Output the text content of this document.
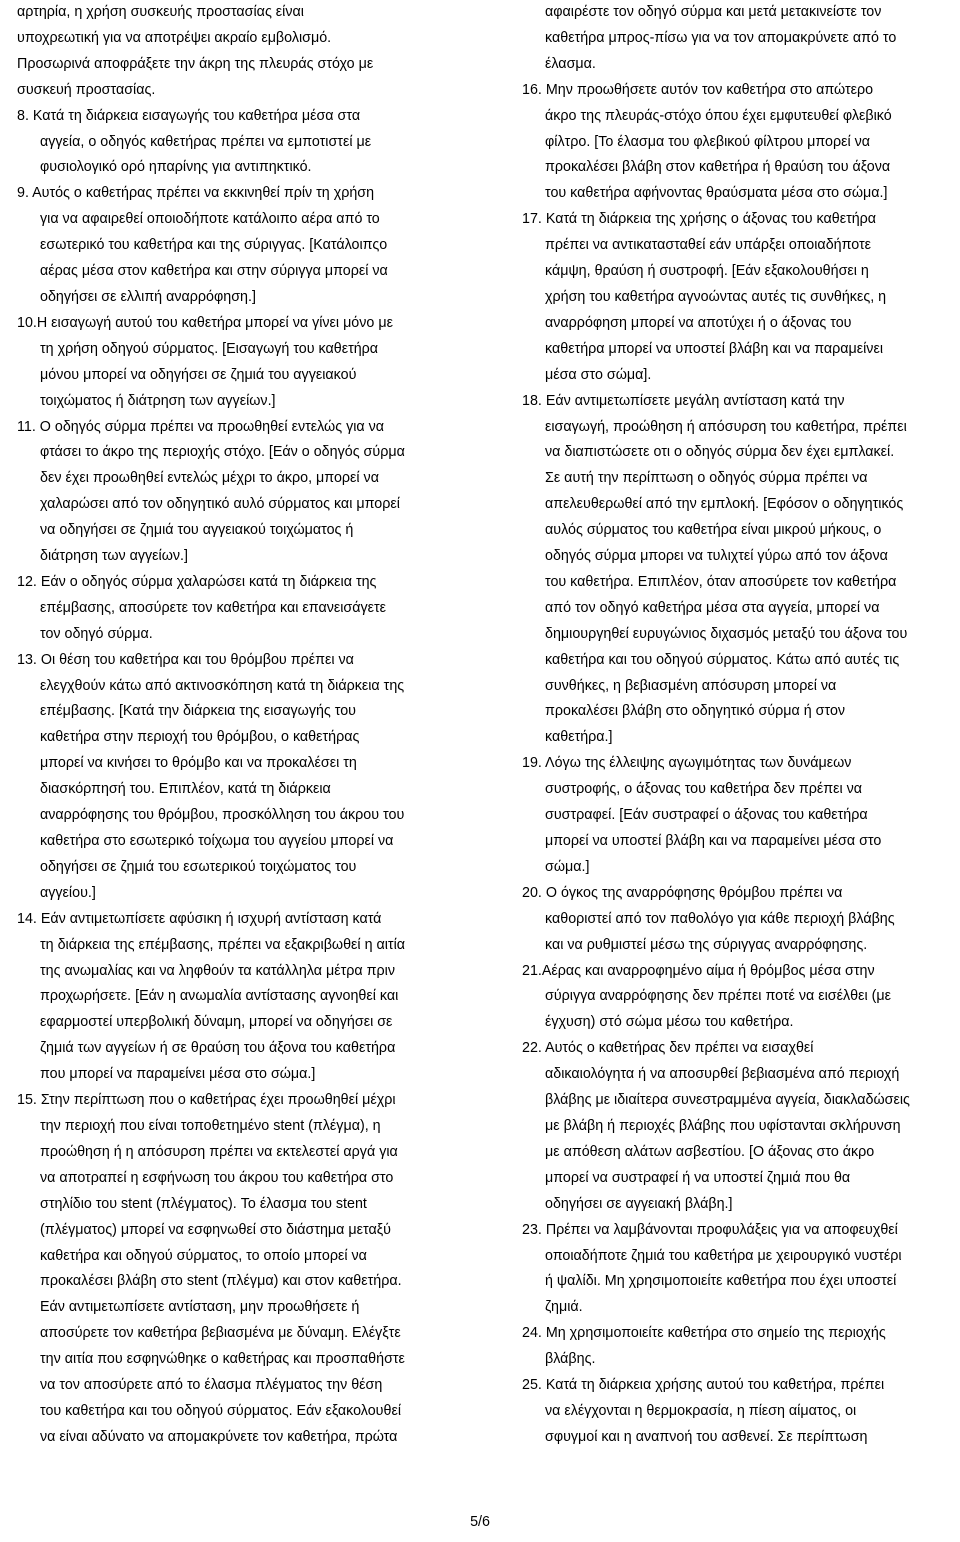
αρτηρία, η χρήση συσκευής προστασίας είναι
υποχρεωτική για να αποτρέψει ακραίο εμβολισμό.
Προσωρινά αποφράξετε την άκρη της πλευράς στόχο με
συσκευή προστασίας.
8. Κατά τη διάρκεια εισαγωγής του καθετήρα μέσα στα
αγγεία, ο οδηγός καθετήρας πρέπει να εμποτιστεί με
φυσιολογικό ορό ηπαρίνης για αντιπηκτικό.
9. Αυτός ο καθετήρας πρέπει να εκκινηθεί πρίν τη χρήση
για να αφαιρεθεί οποιοδήποτε κατάλοιπο αέρα από το
εσωτερικό του καθετήρα και της σύριγγας. [Κατάλοιπςο
αέρας μέσα στον καθετήρα και στην σύριγγα μπορεί να
οδηγήσει σε ελλιπή αναρρόφηση.]
10.Η εισαγωγή αυτού του καθετήρα μπορεί να γίνει μόνο με
τη χρήση οδηγού σύρματος. [Εισαγωγή του καθετήρα
μόνου μπορεί να οδηγήσει σε ζημιά του αγγειακού
τοιχώματος ή διάτρηση των αγγείων.]
11. Ο οδηγός σύρμα πρέπει να προωθηθεί εντελώς για να
φτάσει το άκρο της περιοχής στόχο. [Εάν ο οδηγός σύρμα
δεν έχει προωθηθεί εντελώς μέχρι το άκρο, μπορεί να
χαλαρώσει από τον οδηγητικό αυλό σύρματος και μπορεί
να οδηγήσει σε ζημιά του αγγειακού τοιχώματος ή
διάτρηση των αγγείων.]
12. Εάν ο οδηγός σύρμα χαλαρώσει κατά τη διάρκεια της
επέμβασης, αποσύρετε τον καθετήρα και επανεισάγετε
τον οδηγό σύρμα.
13. Οι θέση του καθετήρα και του θρόμβου πρέπει να
ελεγχθούν κάτω από ακτινοσκόπηση κατά τη διάρκεια της
επέμβασης. [Κατά την διάρκεια της εισαγωγής του
καθετήρα στην περιοχή του θρόμβου, ο καθετήρας
μπορεί να κινήσει το θρόμβο και να προκαλέσει τη
διασκόρπησή του. Επιπλέον, κατά τη διάρκεια
αναρρόφησης του θρόμβου, προσκόλληση του άκρου του
καθετήρα στο εσωτερικό τοίχωμα του αγγείου μπορεί να
οδηγήσει σε ζημιά του εσωτερικού τοιχώματος του
αγγείου.]
14. Εάν αντιμετωπίσετε αφύσικη ή ισχυρή αντίσταση κατά
τη διάρκεια της επέμβασης, πρέπει να εξακριβωθεί η αιτία
της ανωμαλίας και να ληφθούν τα κατάλληλα μέτρα πριν
προχωρήσετε. [Εάν η ανωμαλία αντίστασης αγνοηθεί και
εφαρμοστεί υπερβολική δύναμη, μπορεί να οδηγήσει σε
ζημιά των αγγείων ή σε θραύση του άξονα του καθετήρα
που μπορεί να παραμείνει μέσα στο σώμα.]
15. Στην περίπτωση που ο καθετήρας έχει προωθηθεί μέχρι
την περιοχή που είναι τοποθετημένο stent (πλέγμα), η
προώθηση ή η απόσυρση πρέπει να εκτελεστεί αργά για
να αποτραπεί η εσφήνωση του άκρου του καθετήρα στο
στηλίδιο του stent (πλέγματος). Το έλασμα του stent
(πλέγματος) μπορεί να εσφηνωθεί στο διάστημα μεταξύ
καθετήρα και οδηγού σύρματος, το οποίο μπορεί να
προκαλέσει βλάβη στο stent (πλέγμα) και στον καθετήρα.
Εάν αντιμετωπίσετε αντίσταση, μην προωθήσετε ή
αποσύρετε τον καθετήρα βεβιασμένα με δύναμη. Ελέγξτε
την αιτία που εσφηνώθηκε ο καθετήρας και προσπαθήστε
να τον αποσύρετε από το έλασμα πλέγματος την θέση
του καθετήρα και του οδηγού σύρματος. Εάν εξακολουθεί
να είναι αδύνατο να απομακρύνετε τον καθετήρα, πρώτα
αφαιρέστε τον οδηγό σύρμα και μετά μετακινείστε τον
καθετήρα μπρος-πίσω για να τον απομακρύνετε από το
έλασμα.
16. Μην προωθήσετε αυτόν τον καθετήρα στο απώτερο
άκρο της πλευράς-στόχο όπου έχει εμφυτευθεί φλεβικό
φίλτρο. [Το έλασμα του φλεβικού φίλτρου μπορεί να
προκαλέσει βλάβη στον καθετήρα ή θραύση του άξονα
του καθετήρα αφήνοντας θραύσματα μέσα στο σώμα.]
17. Κατά τη διάρκεια της χρήσης ο άξονας του καθετήρα
πρέπει να αντικατασταθεί εάν υπάρξει οποιαδήποτε
κάμψη, θραύση ή συστροφή. [Εάν εξακολουθήσει η
χρήση του καθετήρα αγνοώντας αυτές τις συνθήκες, η
αναρρόφηση μπορεί να αποτύχει ή ο άξονας του
καθετήρα μπορεί να υποστεί βλάβη και να παραμείνει
μέσα στο σώμα].
18. Εάν αντιμετωπίσετε μεγάλη αντίσταση κατά την
εισαγωγή, προώθηση ή απόσυρση του καθετήρα, πρέπει
να διαπιστώσετε οτι ο οδηγός σύρμα δεν έχει εμπλακεί.
Σε αυτή την περίπτωση ο οδηγός σύρμα πρέπει να
απελευθερωθεί από την εμπλοκή. [Εφόσον ο οδηγητικός
αυλός σύρματος του καθετήρα είναι μικρού μήκους, ο
οδηγός σύρμα μπορει να τυλιχτεί γύρω από τον άξονα
του καθετήρα. Επιπλέον, όταν αποσύρετε τον καθετήρα
από τον οδηγό καθετήρα μέσα στα αγγεία, μπορεί να
δημιουργηθεί ευρυγώνιος διχασμός μεταξύ του άξονα του
καθετήρα και του οδηγού σύρματος. Κάτω από αυτές τις
συνθήκες, η βεβιασμένη απόσυρση μπορεί να
προκαλέσει βλάβη στο οδηγητικό σύρμα ή στον
καθετήρα.]
19. Λόγω της έλλειψης αγωγιμότητας των δυνάμεων
συστροφής, ο άξονας του καθετήρα δεν πρέπει να
συστραφεί. [Εάν συστραφεί ο άξονας του καθετήρα
μπορεί να υποστεί βλάβη και να παραμείνει μέσα στο
σώμα.]
20. Ο όγκος της αναρρόφησης θρόμβου πρέπει να
καθοριστεί από τον παθολόγο για κάθε περιοχή βλάβης
και να ρυθμιστεί μέσω της σύριγγας αναρρόφησης.
21.Αέρας και αναρροφημένο αίμα ή θρόμβος μέσα στην
σύριγγα αναρρόφησης δεν πρέπει ποτέ να εισέλθει (με
έγχυση) στό σώμα μέσω του καθετήρα.
22. Αυτός ο καθετήρας δεν πρέπει να εισαχθεί
αδικαιολόγητα ή να αποσυρθεί βεβιασμένα από περιοχή
βλάβης με ιδιαίτερα συνεστραμμένα αγγεία, διακλαδώσεις
με βλάβη ή περιοχές βλάβης που υφίστανται σκλήρυνση
με απόθεση αλάτων ασβεστίου. [Ο άξονας στο άκρο
μπορεί να συστραφεί ή να υποστεί ζημιά που θα
οδηγήσει σε αγγειακή βλάβη.]
23. Πρέπει να λαμβάνονται προφυλάξεις για να αποφευχθεί
οποιαδήποτε ζημιά του καθετήρα με χειρουργικό νυστέρι
ή ψαλίδι. Μη χρησιμοποιείτε καθετήρα που έχει υποστεί
ζημιά.
24. Μη χρησιμοποιείτε καθετήρα στο σημείο της περιοχής
βλάβης.
25. Κατά τη διάρκεια χρήσης αυτού του καθετήρα, πρέπει
να ελέγχονται η θερμοκρασία, η πίεση αίματος, οι
σφυγμοί και η αναπνοή του ασθενεί. Σε περίπτωση
5/6
